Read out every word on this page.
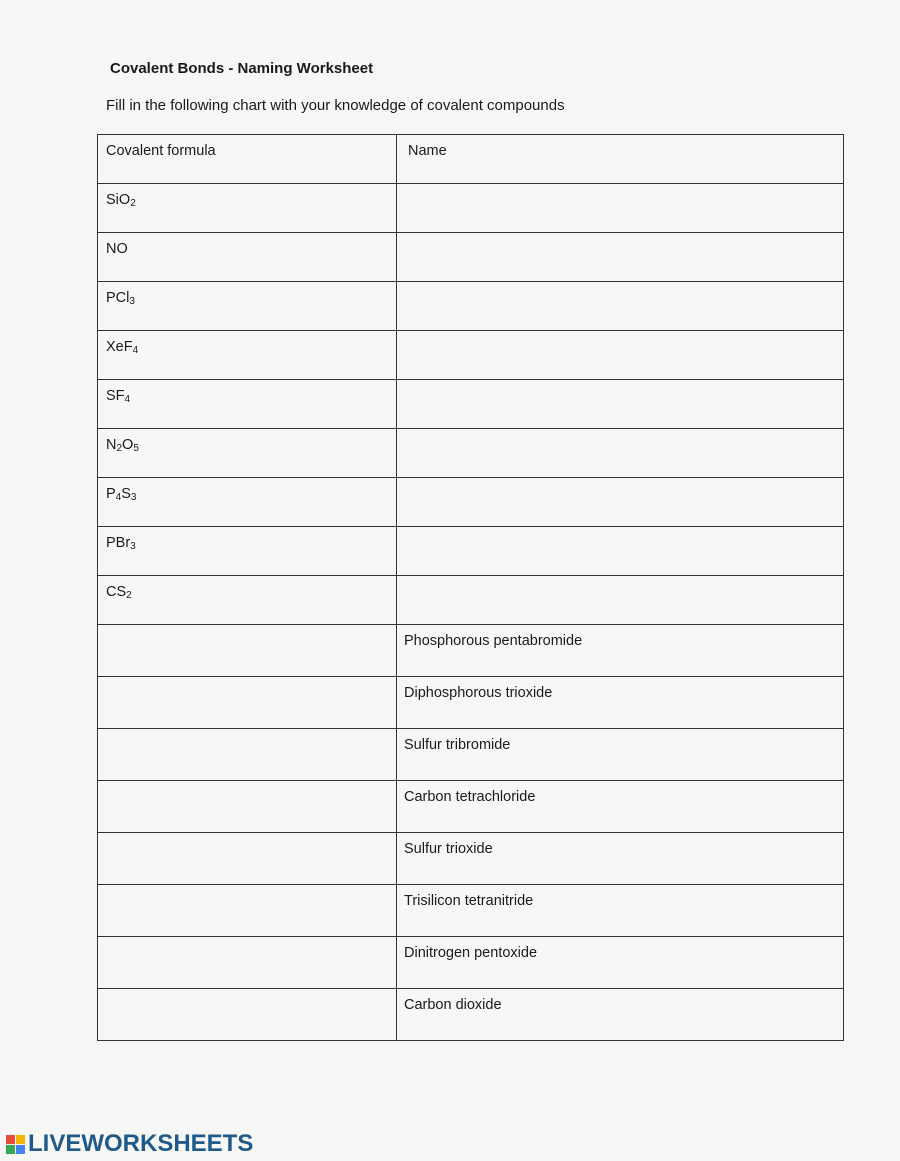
Covalent Bonds - Naming Worksheet

Fill in the following chart with your knowledge of covalent compounds

Covalent formula	Name
SiO$_2$	
NO	
PCl$_3$	
XeF$_4$	
$SF_4$	
$N_2O_5$	
$P_4S_3$	
PBr$_3$	
$CS_2$	
	Phosphorous pentabromide
	Diphosphorous trioxide
	Sulfur tribromide
	Carbon tetrachloride
	Sulfur trioxide
	Trisilicon tetranitride
	Dinitrogen pentoxide
	Carbon dioxide
LIVEWORKSHEETS
